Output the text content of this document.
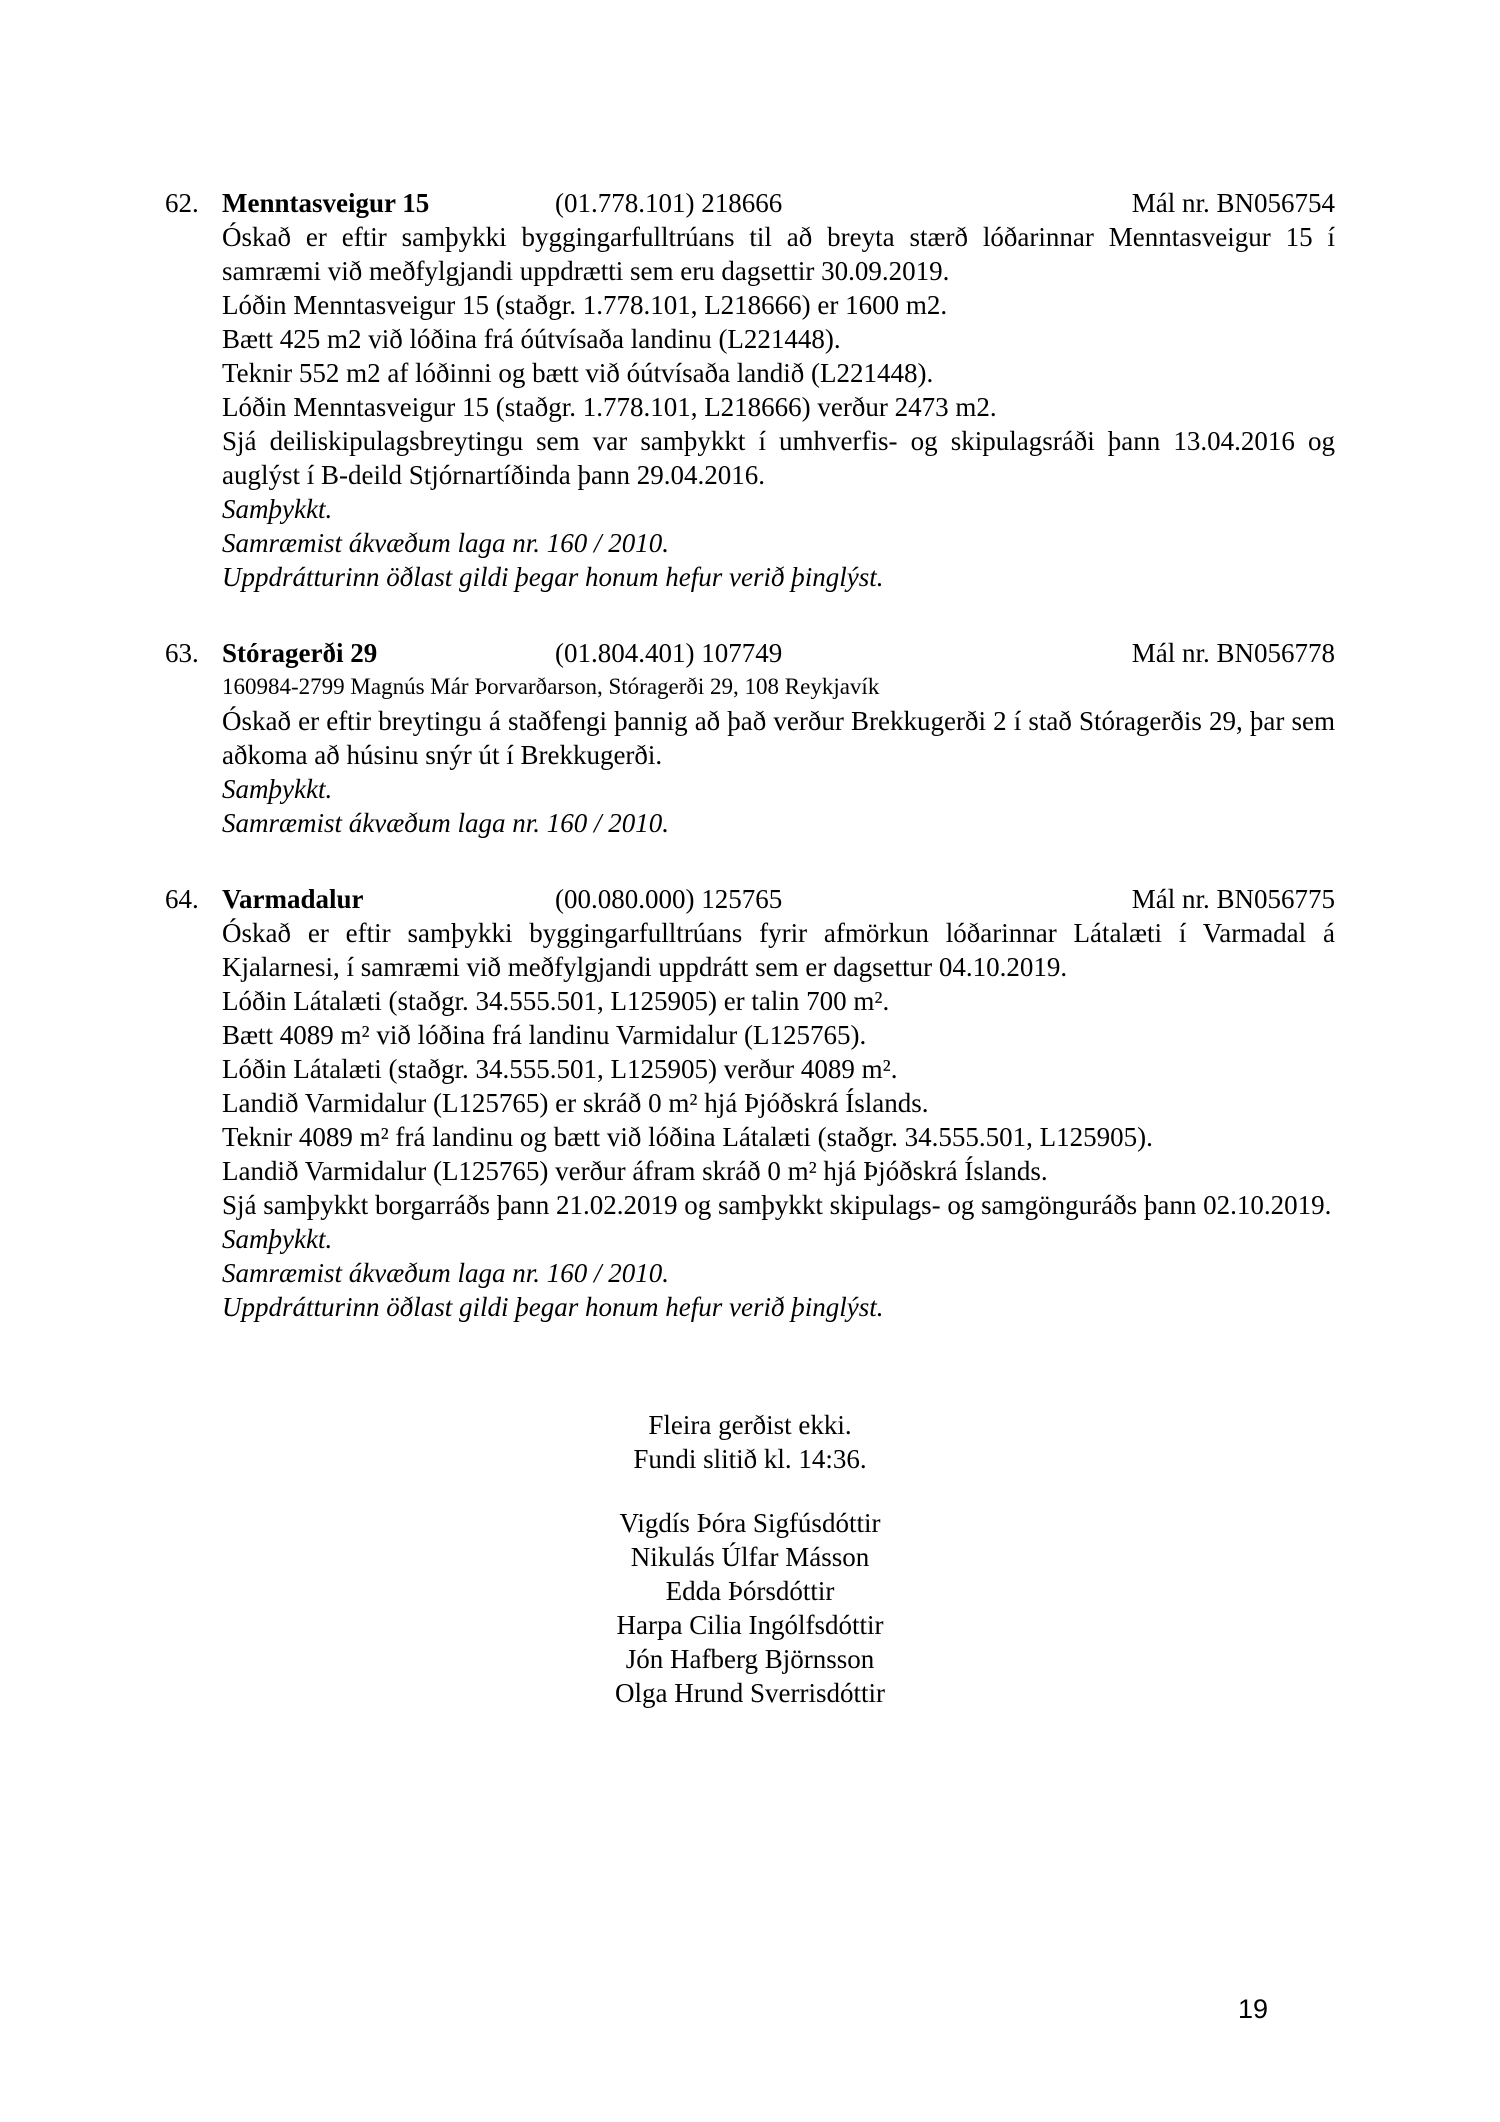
62. Menntasveigur 15	(01.778.101) 218666	Mál nr. BN056754

Óskað er eftir samþykki byggingarfulltrúans til að breyta stærð lóðarinnar Menntasveigur 15 í samræmi við meðfylgjandi uppdrætti sem eru dagsettir 30.09.2019.

Lóðin Menntasveigur 15 (staðgr. 1.778.101, L218666) er 1600 m2.

Bætt 425 m2 við lóðina frá óútvísaða landinu (L221448).

Teknir 552 m2 af lóðinni og bætt við óútvísaða landið (L221448).

Lóðin Menntasveigur 15 (staðgr. 1.778.101, L218666) verður 2473 m2.

Sjá deiliskipulagsbreytingu sem var samþykkt í umhverfis- og skipulagsráði þann 13.04.2016 og auglýst í B-deild Stjórnartíðinda þann 29.04.2016.

Samþykkt.

Samræmist ákvæðum laga nr. 160 / 2010.

Uppdrátturinn öðlast gildi þegar honum hefur verið þinglýst.

63. Stóragerði 29	(01.804.401) 107749	Mál nr. BN056778

160984-2799 Magnús Már Þorvarðarson, Stóragerði 29, 108 Reykjavík

Óskað er eftir breytingu á staðfengi þannig að það verður Brekkugerði 2 í stað Stóragerðis 29, þar sem aðkoma að húsinu snýr út í Brekkugerði.

Samþykkt.

Samræmist ákvæðum laga nr. 160 / 2010.

64. Varmadalur	(00.080.000) 125765	Mál nr. BN056775

Óskað er eftir samþykki byggingarfulltrúans fyrir afmörkun lóðarinnar Látalæti í Varmadal á Kjalarnesi, í samræmi við meðfylgjandi uppdrátt sem er dagsettur 04.10.2019.

Lóðin Látalæti (staðgr. 34.555.501, L125905) er talin 700 m².

Bætt 4089 m² við lóðina frá landinu Varmidalur (L125765).

Lóðin Látalæti (staðgr. 34.555.501, L125905) verður 4089 m².

Landið Varmidalur (L125765) er skráð 0 m² hjá Þjóðskrá Íslands.

Teknir 4089 m² frá landinu og bætt við lóðina Látalæti (staðgr. 34.555.501, L125905).

Landið Varmidalur (L125765) verður áfram skráð 0 m² hjá Þjóðskrá Íslands.

Sjá samþykkt borgarráðs þann 21.02.2019 og samþykkt skipulags- og samgönguráðs þann 02.10.2019.

Samþykkt.

Samræmist ákvæðum laga nr. 160 / 2010.

Uppdrátturinn öðlast gildi þegar honum hefur verið þinglýst.

Fleira gerðist ekki.

Fundi slitið kl. 14:36.

Vigdís Þóra Sigfúsdóttir

Nikulás Úlfar Másson

Edda Þórsdóttir

Harpa Cilia Ingólfsdóttir

Jón Hafberg Björnsson

Olga Hrund Sverrisdóttir

19
